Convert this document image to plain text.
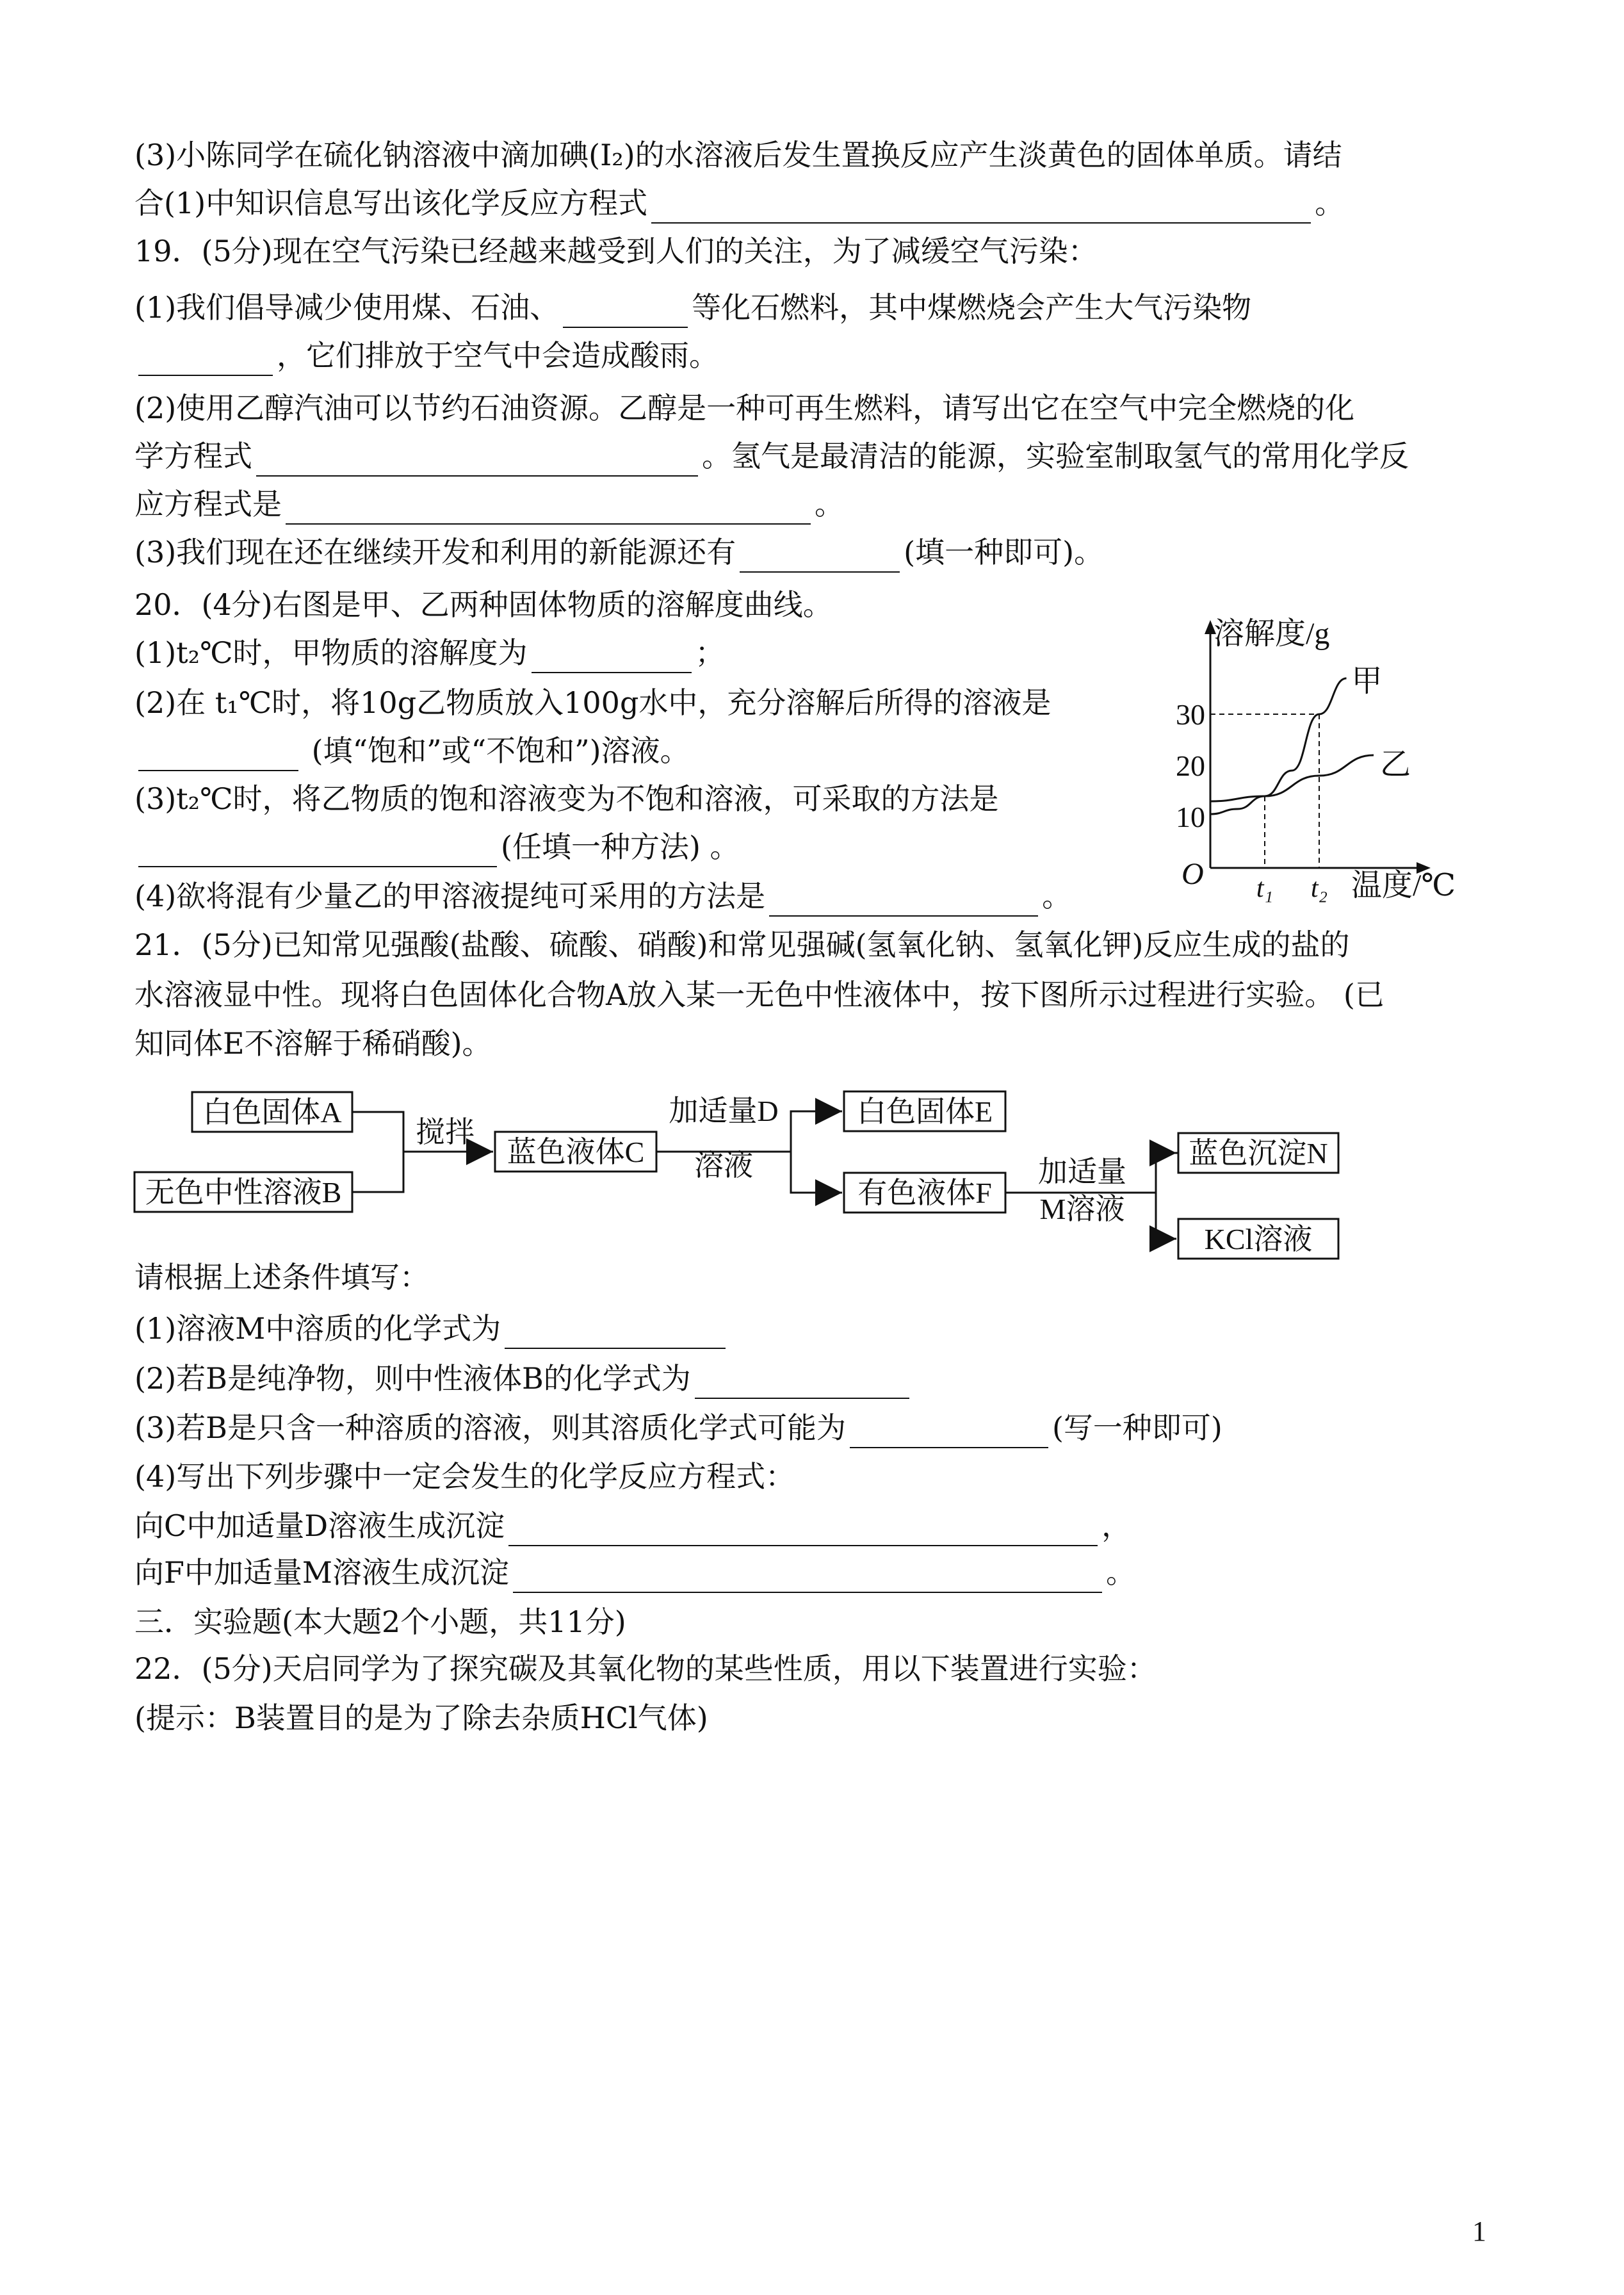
(3)小陈同学在硫化钠溶液中滴加碘(I₂)的水溶液后发生置换反应产生淡黄色的固体单质。请结
合(1)中知识信息写出该化学反应方程式	。
19．(5分)现在空气污染已经越来越受到人们的关注，为了减缓空气污染：
(1)我们倡导减少使用煤、石油、	等化石燃料，其中煤燃烧会产生大气污染物
，它们排放于空气中会造成酸雨。
(2)使用乙醇汽油可以节约石油资源。乙醇是一种可再生燃料，请写出它在空气中完全燃烧的化
学方程式	。氢气是最清洁的能源，实验室制取氢气的常用化学反
应方程式是	。
(3)我们现在还在继续开发和利用的新能源还有	(填一种即可)。
20．(4分)右图是甲、乙两种固体物质的溶解度曲线。
(1)t₂℃时，甲物质的溶解度为	；
(2)在 t₁℃时，将10g乙物质放入100g水中，充分溶解后所得的溶液是
(填“饱和”或“不饱和”)溶液。
(3)t₂℃时，将乙物质的饱和溶液变为不饱和溶液，可采取的方法是
(任填一种方法) 。
(4)欲将混有少量乙的甲溶液提纯可采用的方法是	。
21．(5分)已知常见强酸(盐酸、硫酸、硝酸)和常见强碱(氢氧化钠、氢氧化钾)反应生成的盐的
水溶液显中性。现将白色固体化合物A放入某一无色中性液体中，按下图所示过程进行实验。 (已
知同体E不溶解于稀硝酸)。
请根据上述条件填写：
(1)溶液M中溶质的化学式为
(2)若B是纯净物，则中性液体B的化学式为
(3)若B是只含一种溶质的溶液，则其溶质化学式可能为	(写一种即可)
(4)写出下列步骤中一定会发生的化学反应方程式：
向C中加适量D溶液生成沉淀	，
向F中加适量M溶液生成沉淀	。
三．实验题(本大题2个小题，共11分)
22．(5分)天启同学为了探究碳及其氧化物的某些性质，用以下装置进行实验：
(提示：B装置目的是为了除去杂质HCl气体)
溶解度/g
温度/℃
O
10
20
30
t₁ t₂
甲
乙
白色固体A
无色中性溶液B
搅拌
蓝色液体C
加适量D
溶液
白色固体E
有色液体F
加适量
M溶液
蓝色沉淀N
KCl溶液
1
